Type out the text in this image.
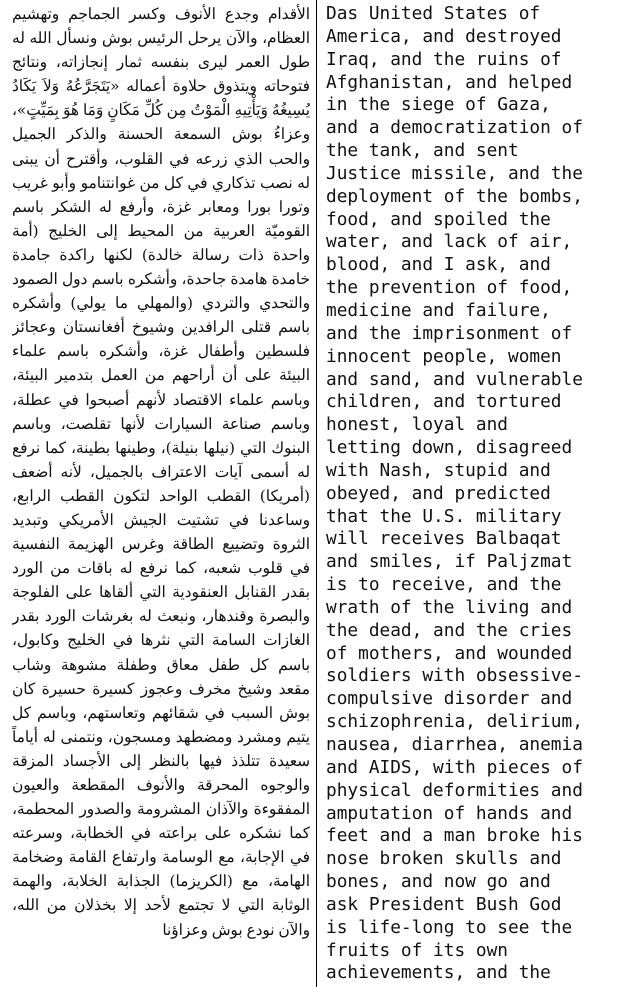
الأقدام وجدع الأنوف وكسر الجماجم وتهشيم العظام، والآن يرحل الرئيس بوش ونسأل الله له طول العمر ليرى بنفسه ثمار إنجازاته، ونتائج فتوحاته ويتذوق حلاوة أعماله «يَتَجَرَّعُهُ وَلاَ يَكَادُ يُسِيغُهُ وَيَأْتِيهِ الْمَوْتُ مِن كُلِّ مَكَانٍ وَمَا هُوَ بِمَيِّتٍ»، وعزاءُ بوش السمعة الحسنة والذكر الجميل والحب الذي زرعه في القلوب، وأقترح أن يبنى له نصب تذكاري في كل من غوانتنامو وأبو غريب وتورا بورا ومعابر غزة، وأرفع له الشكر باسم القوميّة العربية من المحيط إلى الخليج (أمة واحدة ذات رسالة خالدة) لكنها راكدة جامدة خامدة هامدة جاحدة، وأشكره باسم دول الصمود والتحدي والتردي (والمهلي ما يولي) وأشكره باسم قتلى الرافدين وشيوخ أفغانستان وعجائز فلسطين وأطفال غزة، وأشكره باسم علماء البيئة على أن أراحهم من العمل بتدمير البيئة، وباسم علماء الاقتصاد لأنهم أصبحوا في عطلة، وباسم صناعة السيارات لأنها تقلصت، وباسم البنوك التي (نيلها بنيلة)، وطينها بطينة، كما نرفع له أسمى آيات الاعتراف بالجميل، لأنه أضعف (أمريكا) القطب الواحد لتكون القطب الرابع، وساعدنا في تشتيت الجيش الأمريكي وتبديد الثروة وتضييع الطاقة وغرس الهزيمة النفسية في قلوب شعبه، كما نرفع له باقات من الورد بقدر القنابل العنقودية التي ألقاها على الفلوجة والبصرة وقندهار، ونبعث له بغرشات الورد بقدر الغازات السامة التي نثرها في الخليج وكابول، باسم كل طفل معاق وطفلة مشوهة وشاب مقعد وشيخ مخرف وعجوز كسيرة حسيرة كان بوش السبب في شقائهم وتعاستهم، وباسم كل يتيم ومشرد ومضطهد ومسجون، ونتمنى له أياماً سعيدة تتلذذ فيها بالنظر إلى الأجساد المزقة والوجوه المحرقة والأنوف المقطعة والعيون المفقوءة والآذان المشرومة والصدور المحطمة، كما نشكره على براعته في الخطابة، وسرعته في الإجابة، مع الوسامة وارتفاع القامة وضخامة الهامة، مع (الكريزما) الجذابة الخلابة، والهمة الوثابة التي لا تجتمع لأحد إلا بخذلان من الله، والآن نودع بوش وعزاؤنا
Das United States of
America, and destroyed
Iraq, and the ruins of
Afghanistan, and helped
in the siege of Gaza,
and a democratization of
the tank, and sent
Justice missile, and the
deployment of the bombs,
food, and spoiled the
water, and lack of air,
blood, and I ask, and
the prevention of food,
medicine and failure,
and the imprisonment of
innocent people, women
and sand, and vulnerable
children, and tortured
honest, loyal and
letting down, disagreed
with Nash, stupid and
obeyed, and predicted
that the U.S. military
will receives Balbaqat
and smiles, if Paljzmat
is to receive, and the
wrath of the living and
the dead, and the cries
of mothers, and wounded
soldiers with obsessive-
compulsive disorder and
schizophrenia, delirium,
nausea, diarrhea, anemia
and AIDS, with pieces of
physical deformities and
amputation of hands and
feet and a man broke his
nose broken skulls and
bones, and now go and
ask President Bush God
is life-long to see the
fruits of its own
achievements, and the
